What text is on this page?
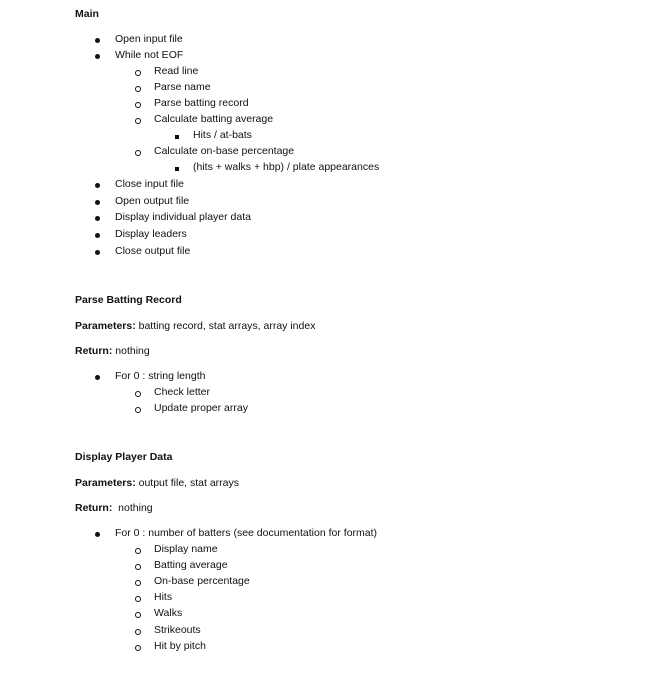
Main
Open input file
While not EOF
Read line
Parse name
Parse batting record
Calculate batting average
Hits / at-bats
Calculate on-base percentage
(hits + walks + hbp) / plate appearances
Close input file
Open output file
Display individual player data
Display leaders
Close output file
Parse Batting Record
Parameters: batting record, stat arrays, array index
Return: nothing
For 0 : string length
Check letter
Update proper array
Display Player Data
Parameters: output file, stat arrays
Return:  nothing
For 0 : number of batters (see documentation for format)
Display name
Batting average
On-base percentage
Hits
Walks
Strikeouts
Hit by pitch
